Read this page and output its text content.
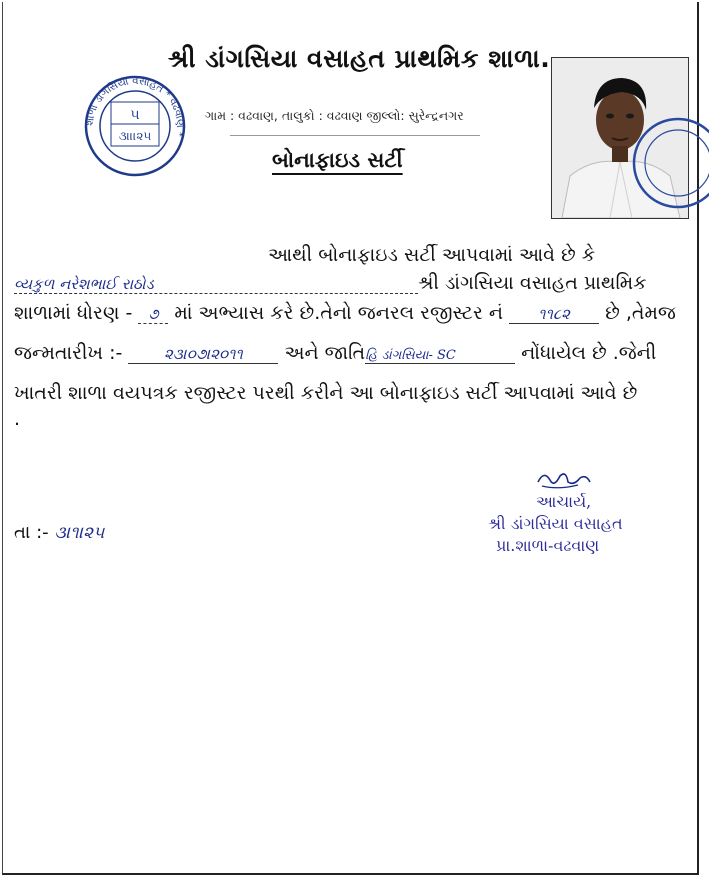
શ્રી ડાંગસિયા વસાહત પ્રાથમિક શાળા.
ગામ : વઢવાણ, તાલુકો : વઢવાણ જીલ્લો: સુરેન્દ્રનગર
બોનાફાઇડ સર્ટી
શાળા ડાંગસિયા વસાહત * વઢવાણ *
૫
૩।।।૨૫
આથી બોનાફાઇડ સર્ટી આપવામાં આવે છે કે
વ્યકુળ નરેશભાઈ રાઠોડ	શ્રી ડાંગસિયા વસાહત પ્રાથમિક
શાળામાં ધોરણ - ૭ માં અભ્યાસ કરે છે.તેનો જનરલ રજીસ્ટર નં ૧૧૮૨ છે ,તેમજ
જન્મતારીખ :-	૨૩।૦૭।૨૦૧૧ અને જાતિહિ ડાંગસિયા- SC	નોંધાયેલ છે .જેની
ખાતરી શાળા વયપત્રક રજીસ્ટર પરથી કરીને આ બોનાફાઇડ સર્ટી આપવામાં આવે છે
.
આચાર્ય,
શ્રી ડાંગસિયા વસાહત
પ્રા.શાળા-વઢવાણ
તા :- ૩।૧।૨૫
